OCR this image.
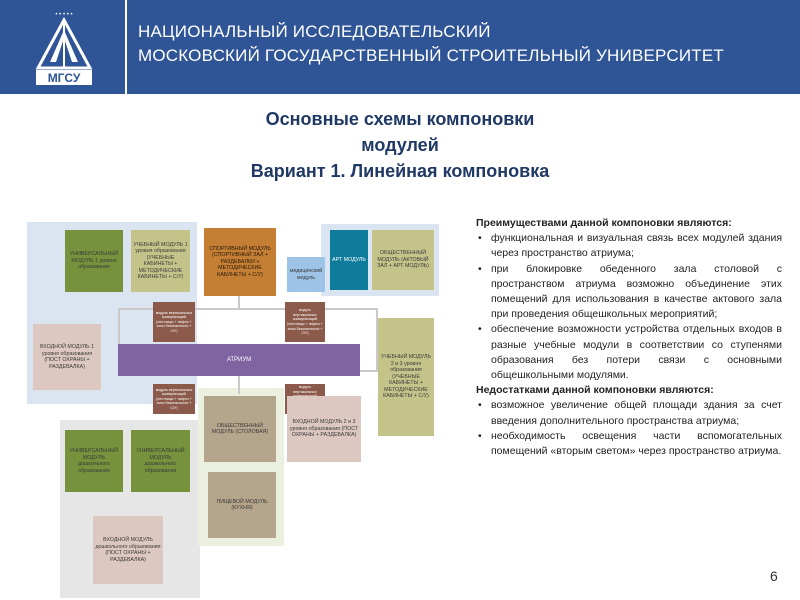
• • • • •
МГСУ
НАЦИОНАЛЬНЫЙ ИССЛЕДОВАТЕЛЬСКИЙ
МОСКОВСКИЙ ГОСУДАРСТВЕННЫЙ СТРОИТЕЛЬНЫЙ УНИВЕРСИТЕТ
Основные схемы компоновки
модулей
Вариант 1. Линейная компоновка
УНИВЕРСАЛЬНЫЙ МОДУЛЬ 1 уровня образования
УЧЕБНЫЙ МОДУЛЬ 1 уровня образования (УЧЕБНЫЕ КАБИНЕТЫ + МЕТОДИЧЕСКИЕ КАБИНЕТЫ + С/У)
СПОРТИВНЫЙ МОДУЛЬ (СПОРТИВНЫЙ ЗАЛ + РАЗДЕВАЛКИ + МЕТОДИЧЕСКИЕ КАБИНЕТЫ + С/У)
медицинский модуль
АРТ МОДУЛЬ
ОБЩЕСТВЕННЫЙ МОДУЛЬ (АКТОВЫЙ ЗАЛ + АРТ МОДУЛЬ)
модуль вертикальных коммуникаций (лестницы + лифты + зоны безопасности + С/У)
модуль вертикальных коммуникаций (лестницы + лифты + зоны безопасности + С/У)
ВХОДНОЙ МОДУЛЬ 1 уровня образования (ПОСТ ОХРАНЫ + РАЗДЕВАЛКА)
АТРИУМ	УЧЕБНЫЙ МОДУЛЬ 2 и 3 уровня образования (УЧЕБНЫЕ КАБИНЕТЫ + МЕТОДИЧЕСКИЕ КАБИНЕТЫ + С/У)
модуль вертикальных коммуникаций (лестницы + лифты + зоны безопасности + С/У)
модуль вертикальных
ОБЩЕСТВЕННЫЙ МОДУЛЬ (СТОЛОВАЯ)
ВХОДНОЙ МОДУЛЬ 2 и 3 уровня образования (ПОСТ ОХРАНЫ + РАЗДЕВАЛКА)
УНИВЕРСАЛЬНЫЙ МОДУЛЬ дошкольного образования
УНИВЕРСАЛЬНЫЙ МОДУЛЬ дошкольного образования
ПИЩЕВОЙ МОДУЛЬ (КУХНЯ)
ВХОДНОЙ МОДУЛЬ дошкольного образования (ПОСТ ОХРАНЫ + РАЗДЕВАЛКА)

Преимуществами данной компоновки являются:

• функциональная и визуальная связь всех модулей здания через пространство атриума;
• при блокировке обеденного зала столовой с пространством атриума возможно объединение этих помещений для использования в качестве актового зала при проведения общешкольных мероприятий;
• обеспечение возможности устройства отдельных входов в разные учебные модули в соответствии со ступенями образования без потери связи с основными общешкольными модулями.

Недостатками данной компоновки являются:

• возможное увеличение общей площади здания за счет введения дополнительного пространства атриума;
• необходимость освещения части вспомогательных помещений «вторым светом» через пространство атриума.
6
